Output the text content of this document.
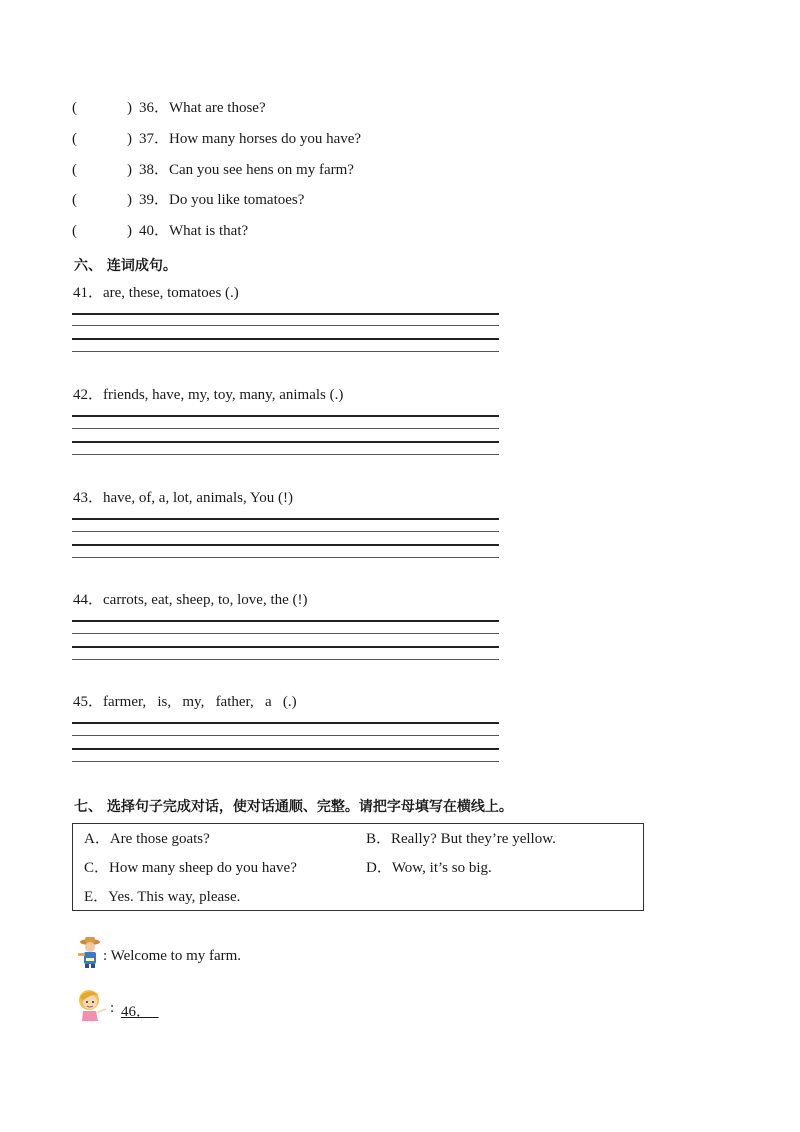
(	) 36．What are those?
(	) 37．How many horses do you have?
(	) 38．Can you see hens on my farm?
(	) 39．Do you like tomatoes?
(	) 40．What is that?
六、 连词成句。
41．are, these, tomatoes (.)
42．friends, have, my, toy, many, animals (.)
43．have, of, a, lot, animals, You (!)
44．carrots, eat, sheep, to, love, the (!)
45．farmer,   is,   my,   father,   a   (.)
七、 选择句子完成对话，使对话通顺、完整。请把字母填写在横线上。
A．Are those goats?	B．Really? But they’re yellow.
C．How many sheep do you have?	D．Wow, it’s so big.
E．Yes. This way, please.
: Welcome to my farm.
: 46．
